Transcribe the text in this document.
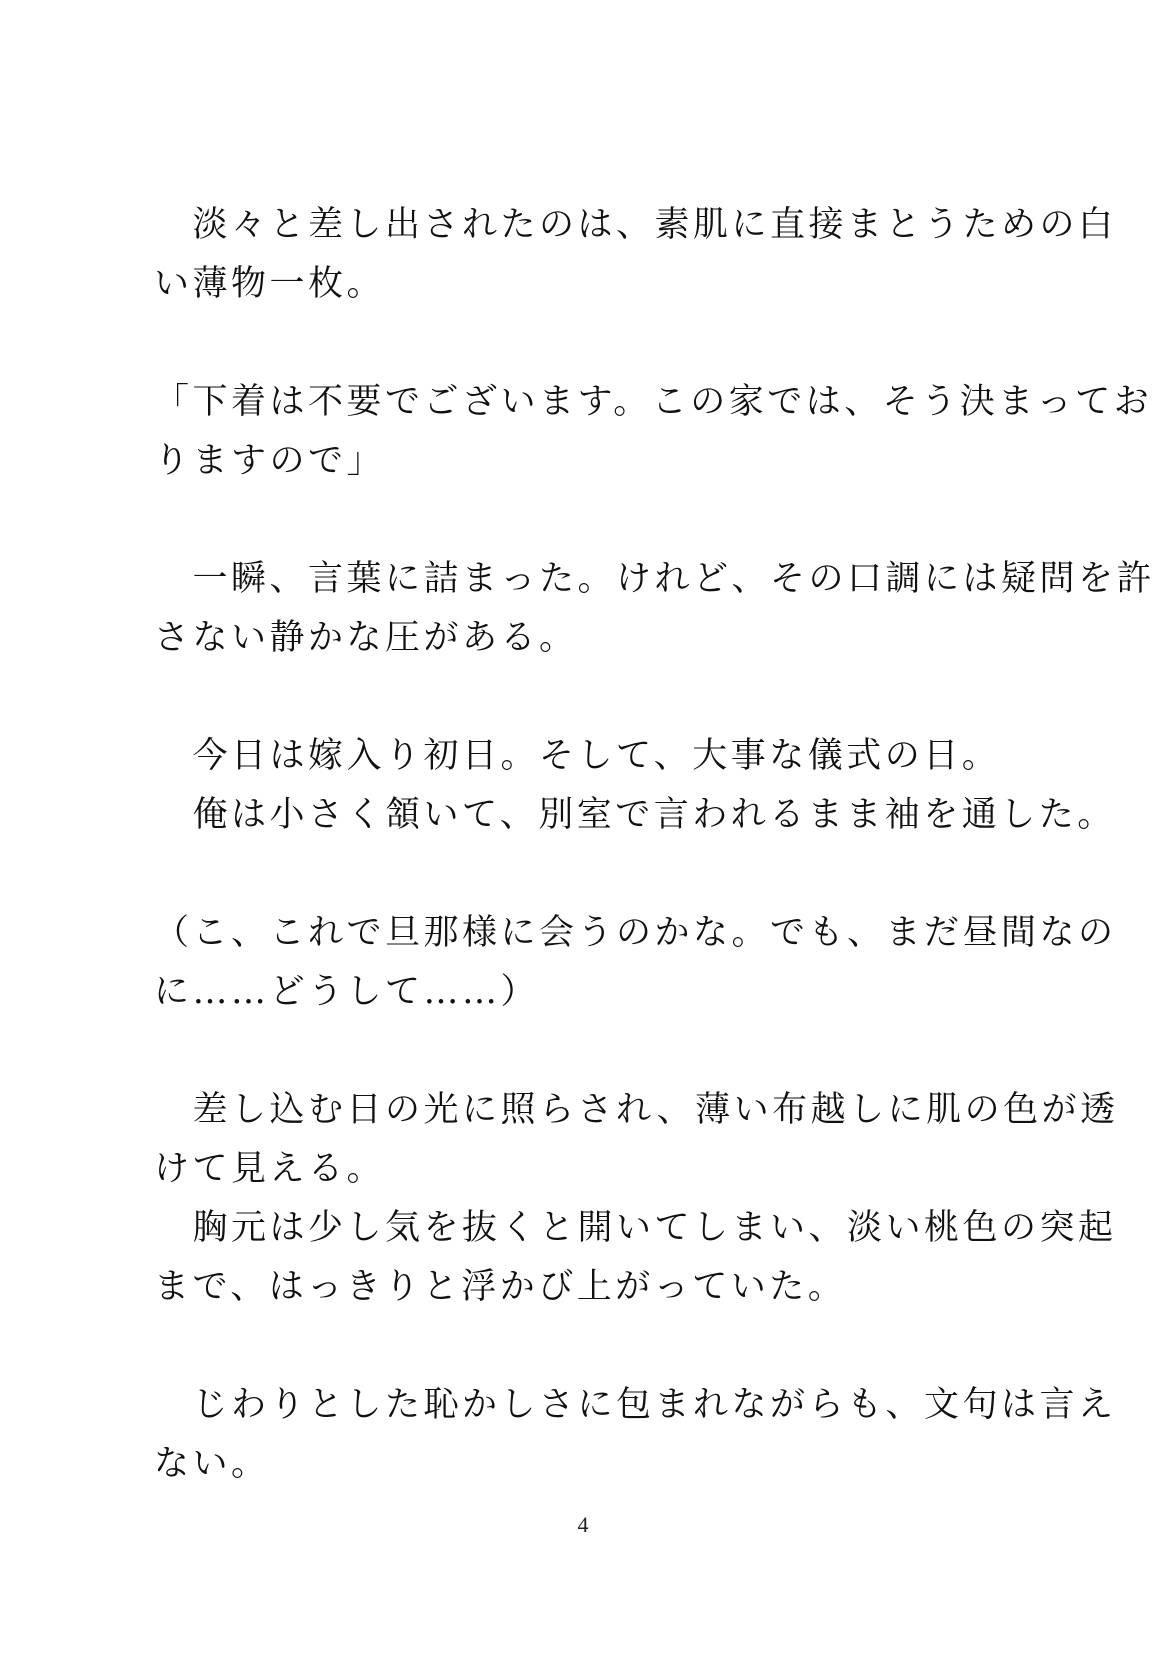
　淡々と差し出されたのは、素肌に直接まとうための白
い薄物一枚。
「下着は不要でございます。この家では、そう決まってお
りますので」
　一瞬、言葉に詰まった。けれど、その口調には疑問を許
さない静かな圧がある。
　今日は嫁入り初日。そして、大事な儀式の日。
　俺は小さく頷いて、別室で言われるまま袖を通した。
（こ、これで旦那様に会うのかな。でも、まだ昼間なの
に……どうして……）
　差し込む日の光に照らされ、薄い布越しに肌の色が透
けて見える。
　胸元は少し気を抜くと開いてしまい、淡い桃色の突起
まで、はっきりと浮かび上がっていた。
　じわりとした恥かしさに包まれながらも、文句は言え
ない。
4
